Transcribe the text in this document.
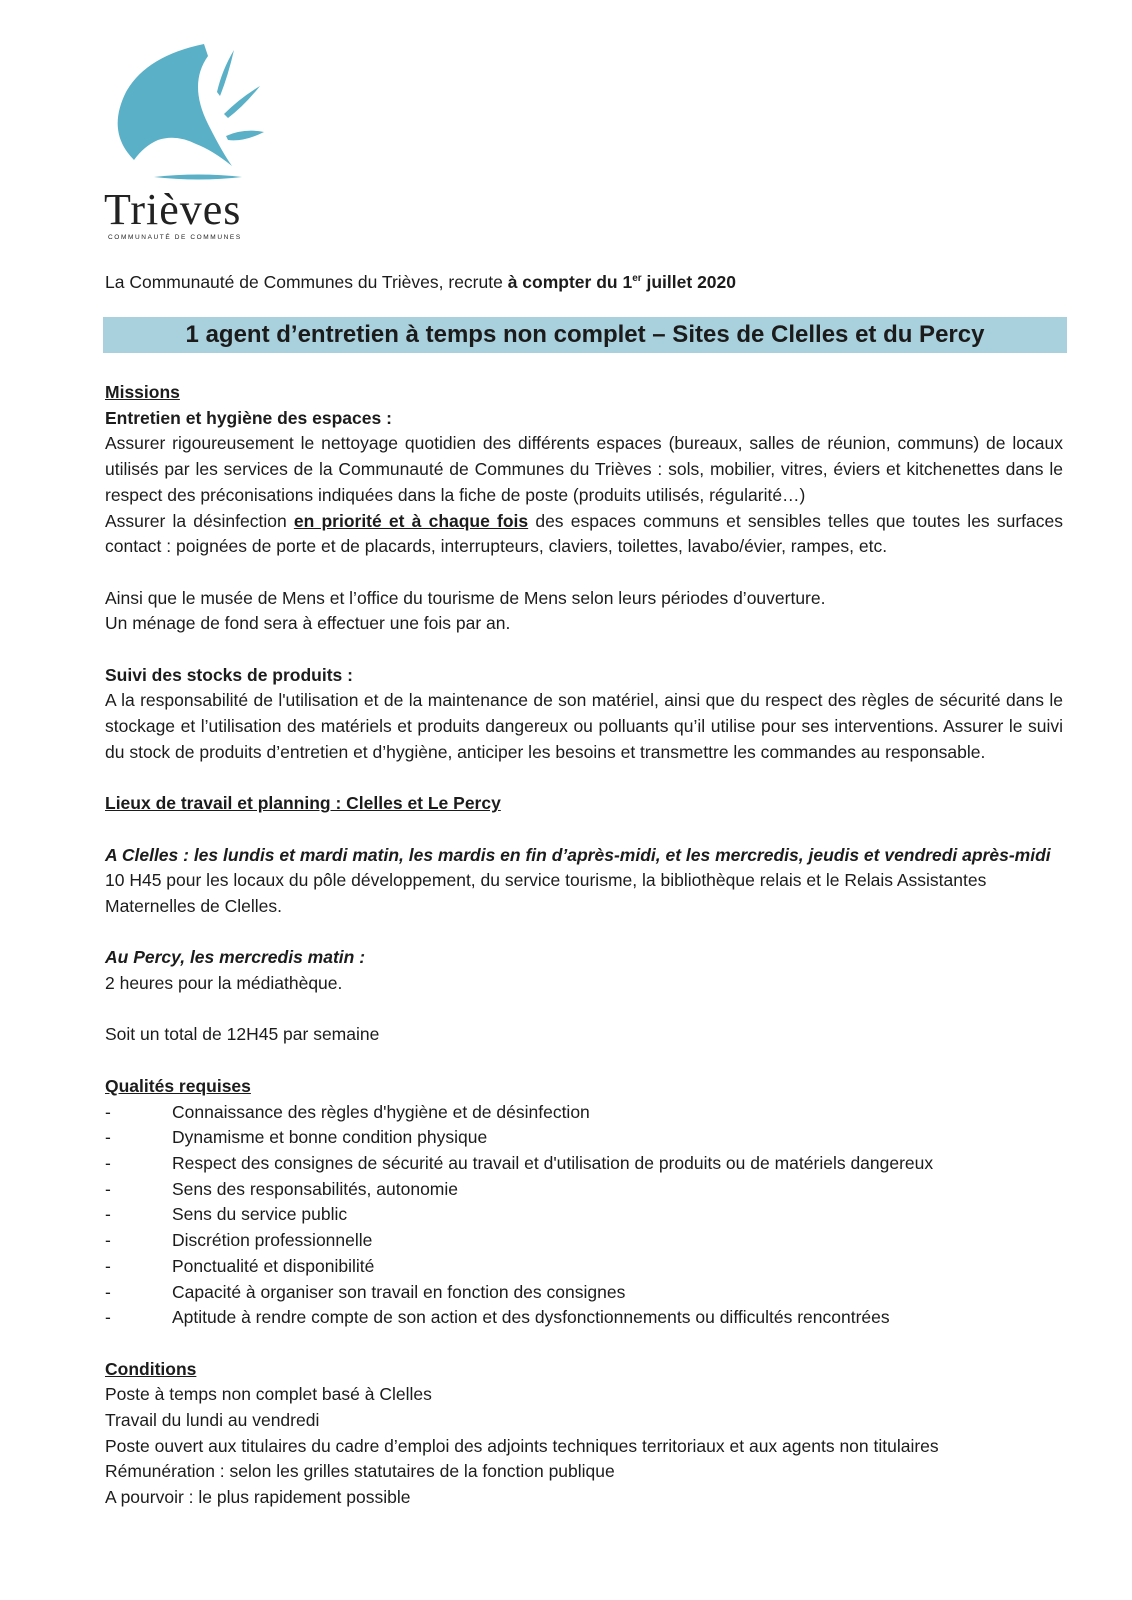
Trièves
COMMUNAUTÉ DE COMMUNES
La Communauté de Communes du Trièves, recrute à compter du 1er juillet 2020
1 agent d’entretien à temps non complet – Sites de Clelles et du Percy

Missions

Entretien et hygiène des espaces :

Assurer rigoureusement le nettoyage quotidien des différents espaces (bureaux, salles de réunion, communs) de locaux utilisés par les services de la Communauté de Communes du Trièves : sols, mobilier, vitres, éviers et kitchenettes dans le respect des préconisations indiquées dans la fiche de poste (produits utilisés, régularité…)

Assurer la désinfection en priorité et à chaque fois des espaces communs et sensibles telles que toutes les surfaces contact : poignées de porte et de placards, interrupteurs, claviers, toilettes, lavabo/évier, rampes, etc.

Ainsi que le musée de Mens et l’office du tourisme de Mens selon leurs périodes d’ouverture.

Un ménage de fond sera à effectuer une fois par an.

Suivi des stocks de produits :

A la responsabilité de l'utilisation et de la maintenance de son matériel, ainsi que du respect des règles de sécurité dans le stockage et l’utilisation des matériels et produits dangereux ou polluants qu’il utilise pour ses interventions. Assurer le suivi du stock de produits d’entretien et d’hygiène, anticiper les besoins et transmettre les commandes au responsable.

Lieux de travail et planning : Clelles et Le Percy

A Clelles : les lundis et mardi matin, les mardis en fin d’après-midi, et les mercredis, jeudis et vendredi après-midi

10 H45 pour les locaux du pôle développement, du service tourisme, la bibliothèque relais et le Relais Assistantes Maternelles de Clelles.

Au Percy, les mercredis matin :

2 heures pour la médiathèque.

Soit un total de 12H45 par semaine

Qualités requises

-	Connaissance des règles d'hygiène et de désinfection
-	Dynamisme et bonne condition physique
-	Respect des consignes de sécurité au travail et d'utilisation de produits ou de matériels dangereux
-	Sens des responsabilités, autonomie
-	Sens du service public
-	Discrétion professionnelle
-	Ponctualité et disponibilité
-	Capacité à organiser son travail en fonction des consignes
-	Aptitude à rendre compte de son action et des dysfonctionnements ou difficultés rencontrées

Conditions

Poste à temps non complet basé à Clelles

Travail du lundi au vendredi

Poste ouvert aux titulaires du cadre d’emploi des adjoints techniques territoriaux et aux agents non titulaires

Rémunération : selon les grilles statutaires de la fonction publique

A pourvoir : le plus rapidement possible
